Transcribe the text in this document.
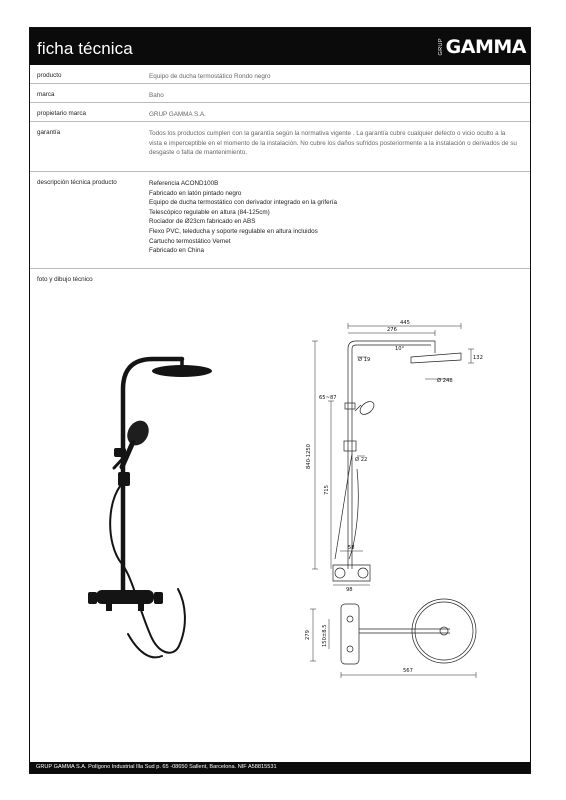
ficha técnica	GRUP GAMMA
producto	Equipo de ducha termostático Rondo negro
marca	Baho
propietario marca	GRUP GAMMA S.A.
garantía	Todos los productos cumplen con la garantía según la normativa vigente . La garantía cubre cualquier defecto o vicio oculto a la vista e imperceptible en el momento de la instalación. No cubre los daños sufridos posteriormente a la instalación o derivados de su desgaste o falta de mantenimiento.
descripción técnica producto	Referencia ACOND100B
Fabricado en latón pintado negro
Equipo de ducha termostático con derivador integrado en la grifería
Telescópico regulable en altura (84-125cm)
Rociador de Ø23cm fabricado en ABS
Flexo PVC, teleducha y soporte regulable en altura incluidos
Cartucho termostático Vernet
Fabricado en China
foto y dibujo técnico
445
276
10°
132
Ø 19
Ø 248
65~87
840-1250
715
Ø 22
58
98
279 150±8.5
567
GRUP GAMMA S.A. Polígono Industrial Illa Sud p. 65 -08650 Sallent, Barcelona. NIF A58815531
